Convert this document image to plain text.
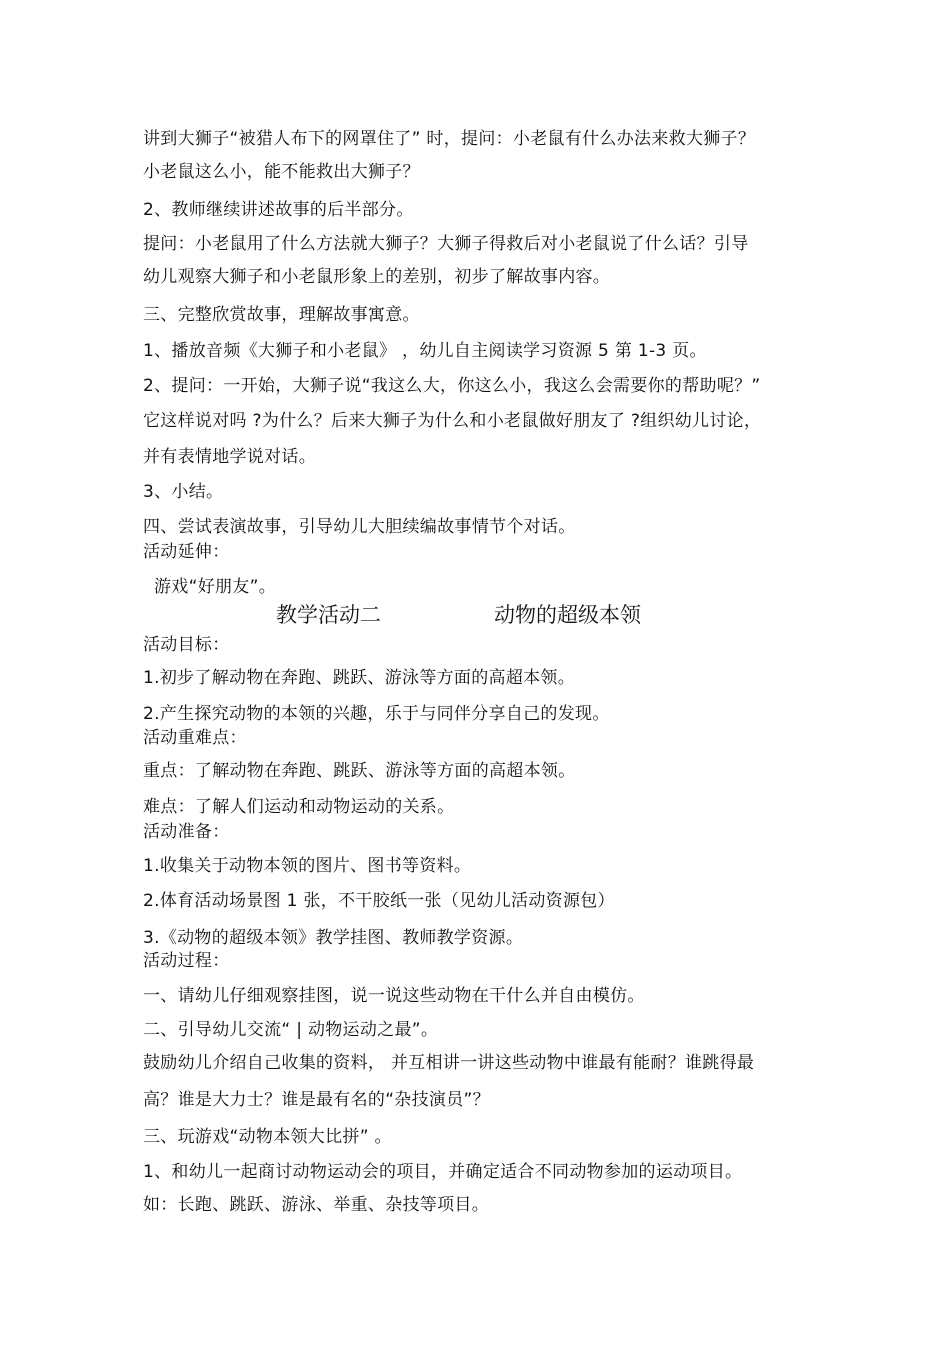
讲到大狮子“被猎人布下的网罩住了” 时，提问：小老鼠有什么办法来救大狮子？
小老鼠这么小，能不能救出大狮子？
2、教师继续讲述故事的后半部分。
提问：小老鼠用了什么方法就大狮子？大狮子得救后对小老鼠说了什么话？引导
幼儿观察大狮子和小老鼠形象上的差别，初步了解故事内容。
三、完整欣赏故事，理解故事寓意。
1、播放音频《大狮子和小老鼠》 ，幼儿自主阅读学习资源 5 第 1-3 页。
2、提问：一开始，大狮子说“我这么大，你这么小，我这么会需要你的帮助呢？”
它这样说对吗 ?为什么？后来大狮子为什么和小老鼠做好朋友了 ?组织幼儿讨论，
并有表情地学说对话。
3、小结。
四、尝试表演故事，引导幼儿大胆续编故事情节个对话。
活动延伸：
游戏“好朋友”。
教学活动二	动物的超级本领
活动目标：
1.初步了解动物在奔跑、跳跃、游泳等方面的高超本领。
2.产生探究动物的本领的兴趣，乐于与同伴分享自己的发现。
活动重难点：
重点：了解动物在奔跑、跳跃、游泳等方面的高超本领。
难点：了解人们运动和动物运动的关系。
活动准备：
1.收集关于动物本领的图片、图书等资料。
2.体育活动场景图 1 张，不干胶纸一张（见幼儿活动资源包）
3.《动物的超级本领》教学挂图、教师教学资源。
活动过程：
一、请幼儿仔细观察挂图，说一说这些动物在干什么并自由模仿。
二、引导幼儿交流“ | 动物运动之最”。
鼓励幼儿介绍自己收集的资料， 并互相讲一讲这些动物中谁最有能耐？谁跳得最
高？谁是大力士？谁是最有名的“杂技演员”？
三、玩游戏“动物本领大比拼” 。
1、和幼儿一起商讨动物运动会的项目，并确定适合不同动物参加的运动项目。
如：长跑、跳跃、游泳、举重、杂技等项目。
